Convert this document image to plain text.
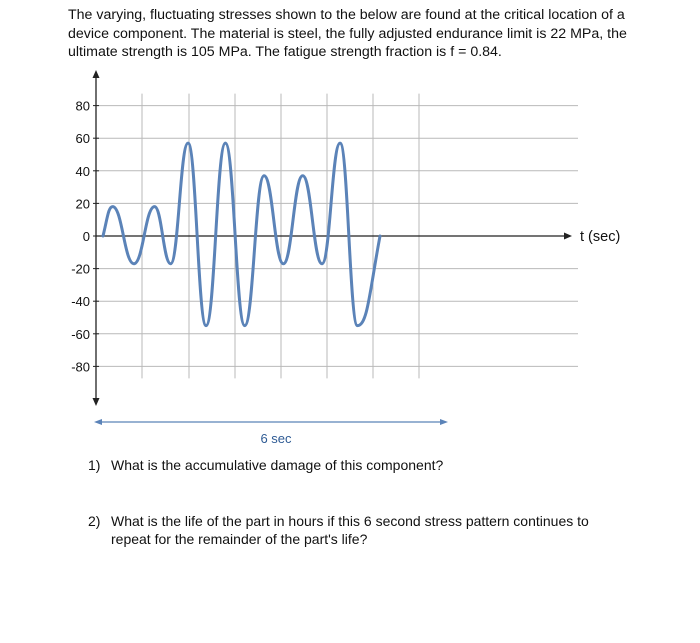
The varying, fluctuating stresses shown to the below are found at the critical location of a device component. The material is steel, the fully adjusted endurance limit is 22 MPa, the ultimate strength is 105 MPa. The fatigue strength fraction is f = 0.84.

80
60
40
20
0
-20
-40
-60
-80
t (sec)
6 sec
1) What is the accumulative damage of this component?
2) What is the life of the part in hours if this 6 second stress pattern continues to repeat for the remainder of the part's life?
